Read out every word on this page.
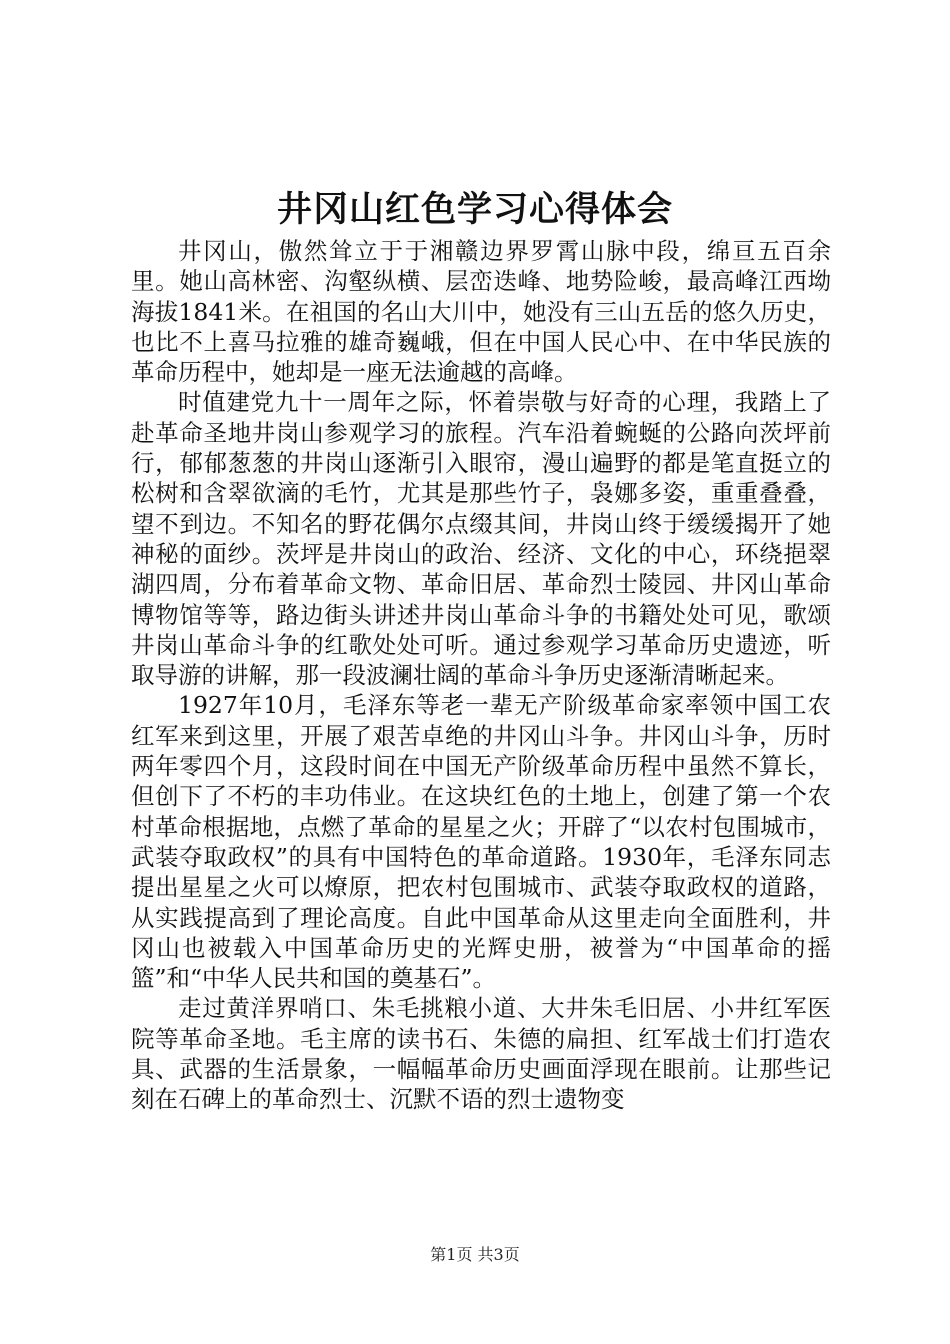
井冈山红色学习心得体会

井冈山，傲然耸立于于湘赣边界罗霄山脉中段，绵亘五百余里。她山高林密、沟壑纵横、层峦迭峰、地势险峻，最高峰江西坳海拔1841米。在祖国的名山大川中，她没有三山五岳的悠久历史，也比不上喜马拉雅的雄奇巍峨，但在中国人民心中、在中华民族的革命历程中，她却是一座无法逾越的高峰。

时值建党九十一周年之际，怀着崇敬与好奇的心理，我踏上了赴革命圣地井岗山参观学习的旅程。汽车沿着蜿蜒的公路向茨坪前行，郁郁葱葱的井岗山逐渐引入眼帘，漫山遍野的都是笔直挺立的松树和含翠欲滴的毛竹，尤其是那些竹子，袅娜多姿，重重叠叠，望不到边。不知名的野花偶尔点缀其间，井岗山终于缓缓揭开了她神秘的面纱。茨坪是井岗山的政治、经济、文化的中心，环绕挹翠湖四周，分布着革命文物、革命旧居、革命烈士陵园、井冈山革命博物馆等等，路边街头讲述井岗山革命斗争的书籍处处可见，歌颂井岗山革命斗争的红歌处处可听。通过参观学习革命历史遗迹，听取导游的讲解，那一段波澜壮阔的革命斗争历史逐渐清晰起来。

1927年10月，毛泽东等老一辈无产阶级革命家率领中国工农红军来到这里，开展了艰苦卓绝的井冈山斗争。井冈山斗争，历时两年零四个月，这段时间在中国无产阶级革命历程中虽然不算长，但创下了不朽的丰功伟业。在这块红色的土地上，创建了第一个农村革命根据地，点燃了革命的星星之火；开辟了“以农村包围城市，武装夺取政权”的具有中国特色的革命道路。1930年，毛泽东同志提出星星之火可以燎原，把农村包围城市、武装夺取政权的道路，从实践提高到了理论高度。自此中国革命从这里走向全面胜利，井冈山也被载入中国革命历史的光辉史册，被誉为“中国革命的摇篮”和“中华人民共和国的奠基石”。

走过黄洋界哨口、朱毛挑粮小道、大井朱毛旧居、小井红军医院等革命圣地。毛主席的读书石、朱德的扁担、红军战士们打造农具、武器的生活景象，一幅幅革命历史画面浮现在眼前。让那些记刻在石碑上的革命烈士、沉默不语的烈士遗物变

第1页 共3页
